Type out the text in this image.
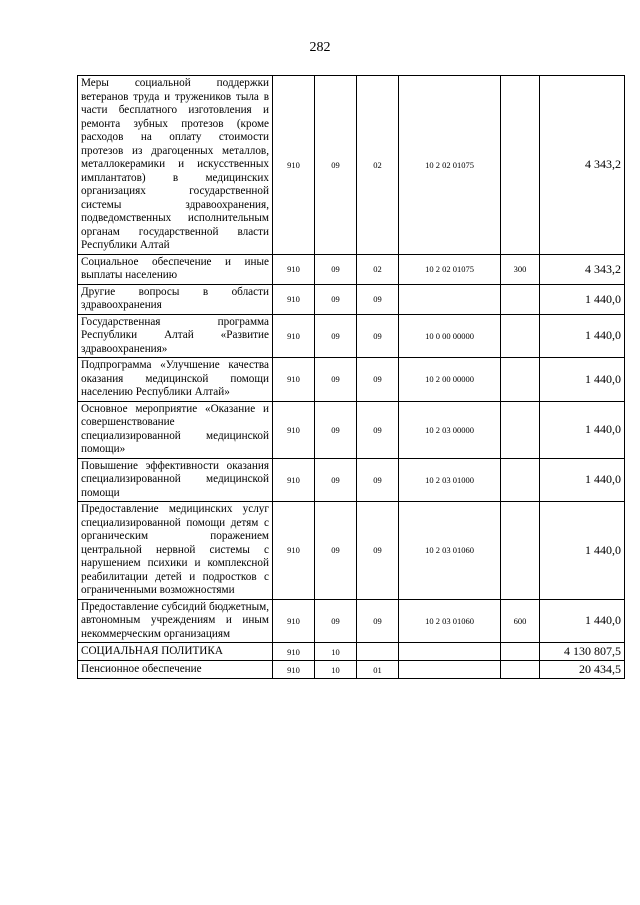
282
Меры социальной поддержки ветеранов труда и тружеников тыла в части бесплатного изготовления и ремонта зубных протезов (кроме расходов на оплату стоимости протезов из драгоценных металлов, металлокерамики и искусственных имплантатов) в медицинских организациях государственной системы здравоохранения, подведомственных исполнительным органам государственной власти Республики Алтай	910	09	02	10 2 02 01075		4 343,2
Социальное обеспечение и иные выплаты населению	910	09	02	10 2 02 01075	300	4 343,2
Другие вопросы в области здравоохранения	910	09	09			1 440,0
Государственная программа Республики Алтай «Развитие здравоохранения»	910	09	09	10 0 00 00000		1 440,0
Подпрограмма «Улучшение качества оказания медицинской помощи населению Республики Алтай»	910	09	09	10 2 00 00000		1 440,0
Основное мероприятие «Оказание и совершенствование специализированной медицинской помощи»	910	09	09	10 2 03 00000		1 440,0
Повышение эффективности оказания специализированной медицинской помощи	910	09	09	10 2 03 01000		1 440,0
Предоставление медицинских услуг специализированной помощи детям с органическим поражением центральной нервной системы с нарушением психики и комплексной реабилитации детей и подростков с ограниченными возможностями	910	09	09	10 2 03 01060		1 440,0
Предоставление субсидий бюджетным, автономным учреждениям и иным некоммерческим организациям	910	09	09	10 2 03 01060	600	1 440,0
СОЦИАЛЬНАЯ ПОЛИТИКА	910	10				4 130 807,5
Пенсионное обеспечение	910	10	01			20 434,5
